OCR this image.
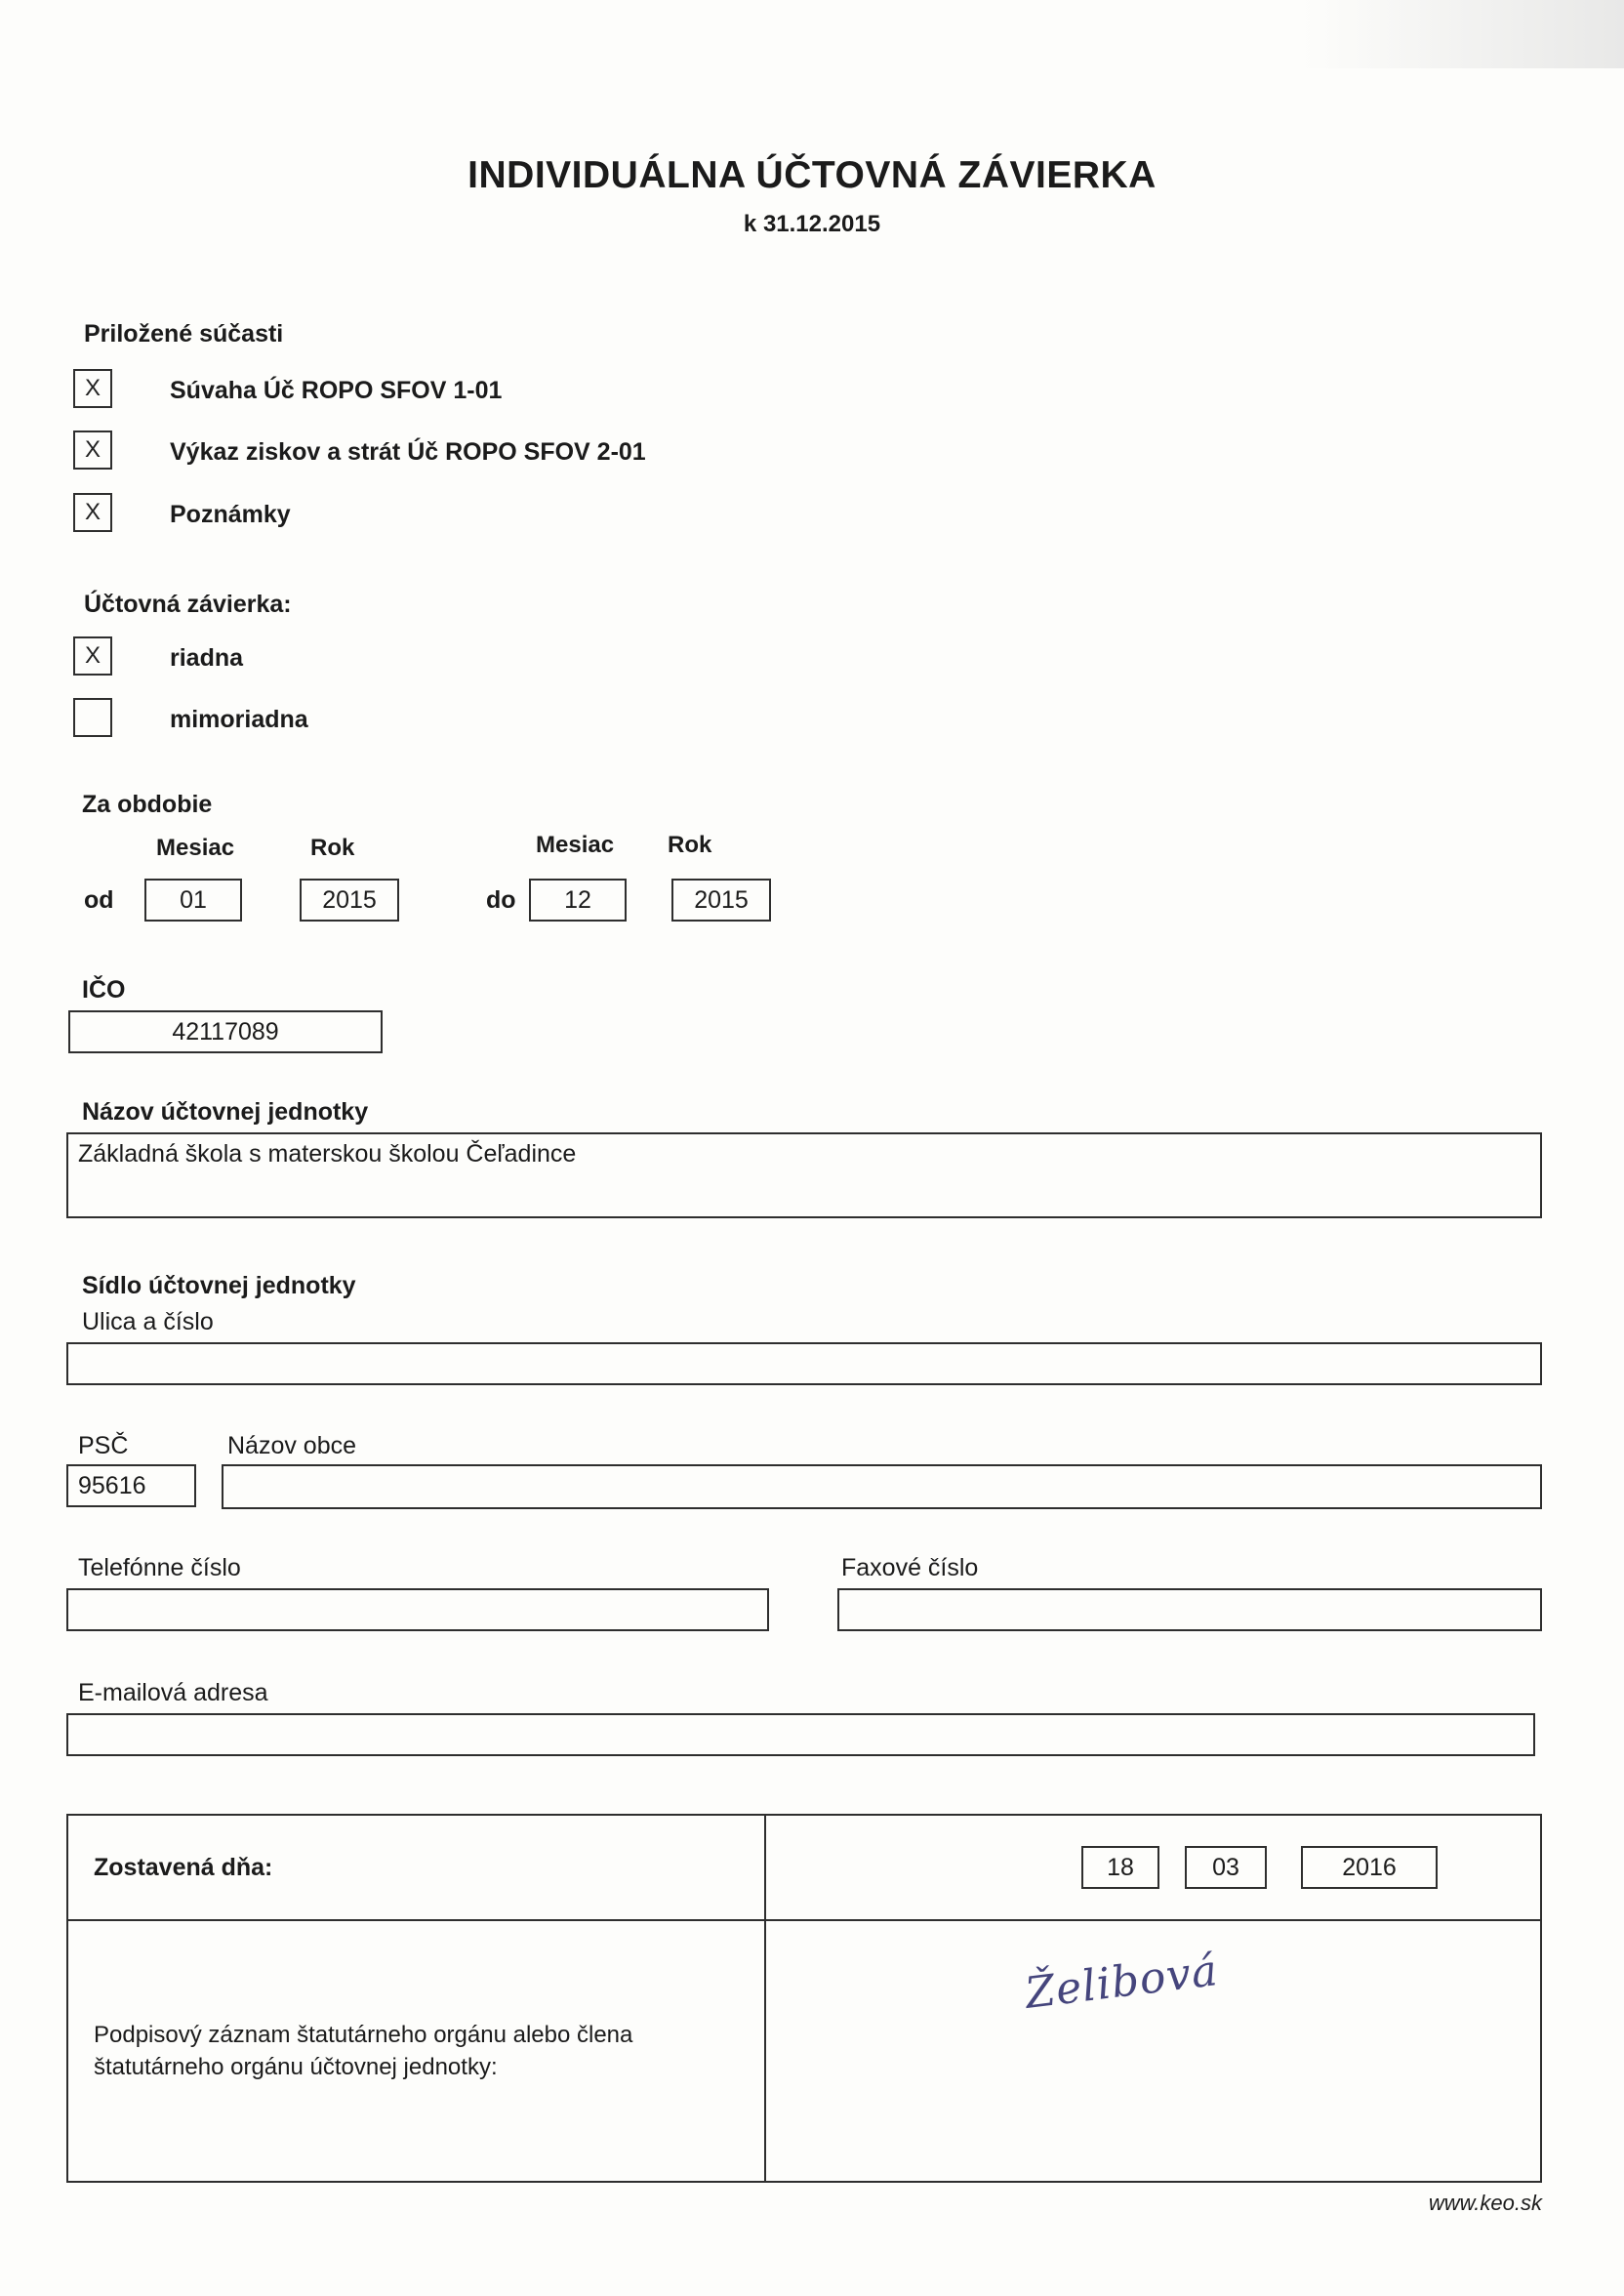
INDIVIDUÁLNA ÚČTOVNÁ ZÁVIERKA
k 31.12.2015
Priložené súčasti
X	Súvaha Úč ROPO SFOV 1-01
X	Výkaz ziskov a strát Úč ROPO SFOV 2-01
X	Poznámky
Účtovná závierka:
X	riadna
mimoriadna
Za obdobie
Mesiac	Rok	Mesiac Rok
od	01	2015	do 12	2015
IČO
42117089
Názov účtovnej jednotky
Základná škola s materskou školou Čeľadince
Sídlo účtovnej jednotky
Ulica a číslo
PSČ	Názov obce
95616
Telefónne číslo	Faxové číslo
E-mailová adresa
Zostavená dňa:	18	03	2016
Podpisový záznam štatutárneho orgánu alebo člena štatutárneho orgánu účtovnej jednotky:
Želibová
www.keo.sk
